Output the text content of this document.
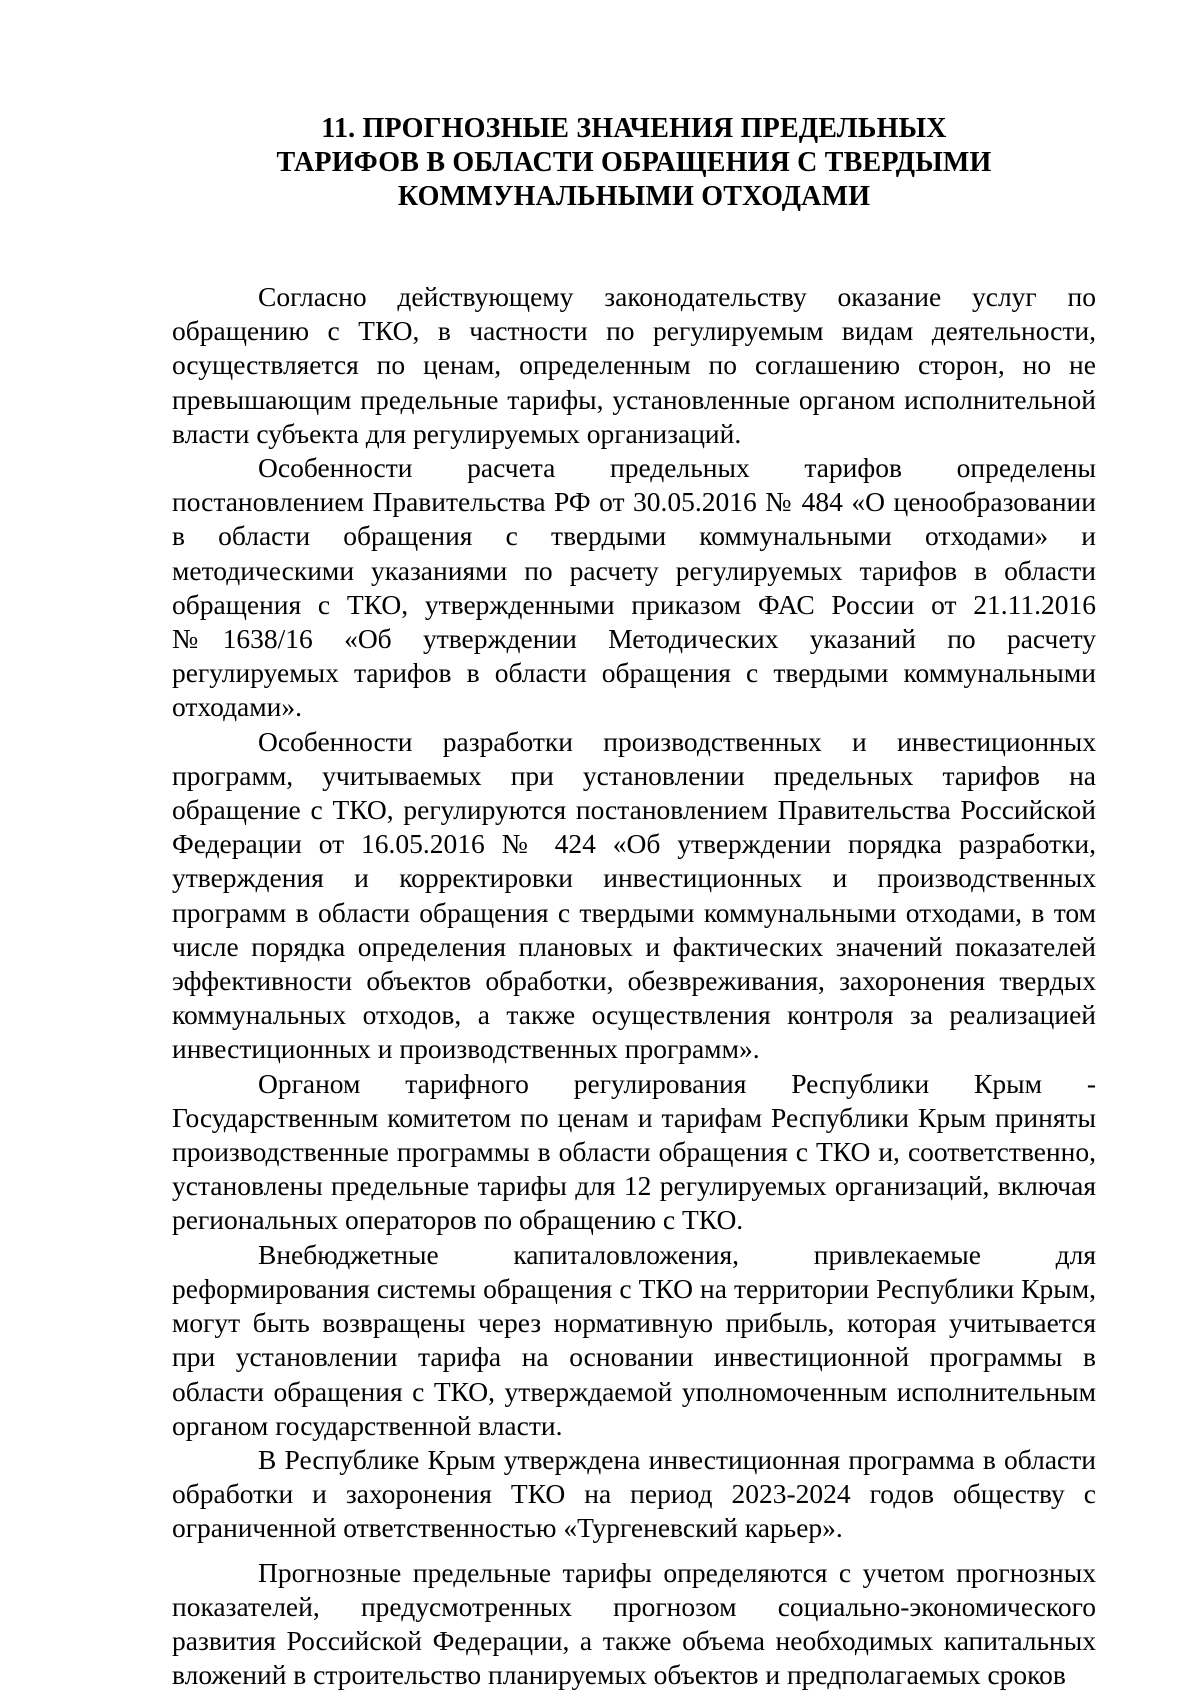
11. ПРОГНОЗНЫЕ ЗНАЧЕНИЯ ПРЕДЕЛЬНЫХ
ТАРИФОВ В ОБЛАСТИ ОБРАЩЕНИЯ С ТВЕРДЫМИ
КОММУНАЛЬНЫМИ ОТХОДАМИ

Согласно действующему законодательству оказание услуг по обращению с ТКО, в частности по регулируемым видам деятельности, осуществляется по ценам, определенным по соглашению сторон, но не превышающим предельные тарифы, установленные органом исполнительной власти субъекта для регулируемых организаций.

Особенности расчета предельных тарифов определены постановлением Правительства РФ от 30.05.2016 № 484 «О ценообразовании в области обращения с твердыми коммунальными отходами» и методическими указаниями по расчету регулируемых тарифов в области обращения с ТКО, утвержденными приказом ФАС России от 21.11.2016 №1638/16 «Об утверждении Методических указаний по расчету регулируемых тарифов в области обращения с твердыми коммунальными отходами».

Особенности разработки производственных и инвестиционных программ, учитываемых при установлении предельных тарифов на обращение с ТКО, регулируются постановлением Правительства Российской Федерации от 16.05.2016 № 424 «Об утверждении порядка разработки, утверждения и корректировки инвестиционных и производственных программ в области обращения с твердыми коммунальными отходами, в том числе порядка определения плановых и фактических значений показателей эффективности объектов обработки, обезвреживания, захоронения твердых коммунальных отходов, а также осуществления контроля за реализацией инвестиционных и производственных программ».

Органом тарифного регулирования Республики Крым - Государственным комитетом по ценам и тарифам Республики Крым приняты производственные программы в области обращения с ТКО и, соответственно, установлены предельные тарифы для 12 регулируемых организаций, включая региональных операторов по обращению с ТКО.

Внебюджетные капиталовложения, привлекаемые для реформирования системы обращения с ТКО на территории Республики Крым, могут быть возвращены через нормативную прибыль, которая учитывается при установлении тарифа на основании инвестиционной программы в области обращения с ТКО, утверждаемой уполномоченным исполнительным органом государственной власти.

В Республике Крым утверждена инвестиционная программа в области обработки и захоронения ТКО на период 2023-2024 годов обществу с ограниченной ответственностью «Тургеневский карьер».

Прогнозные предельные тарифы определяются с учетом прогнозных показателей, предусмотренных прогнозом социально-экономического развития Российской Федерации, а также объема необходимых капитальных вложений в строительство планируемых объектов и предполагаемых сроков
